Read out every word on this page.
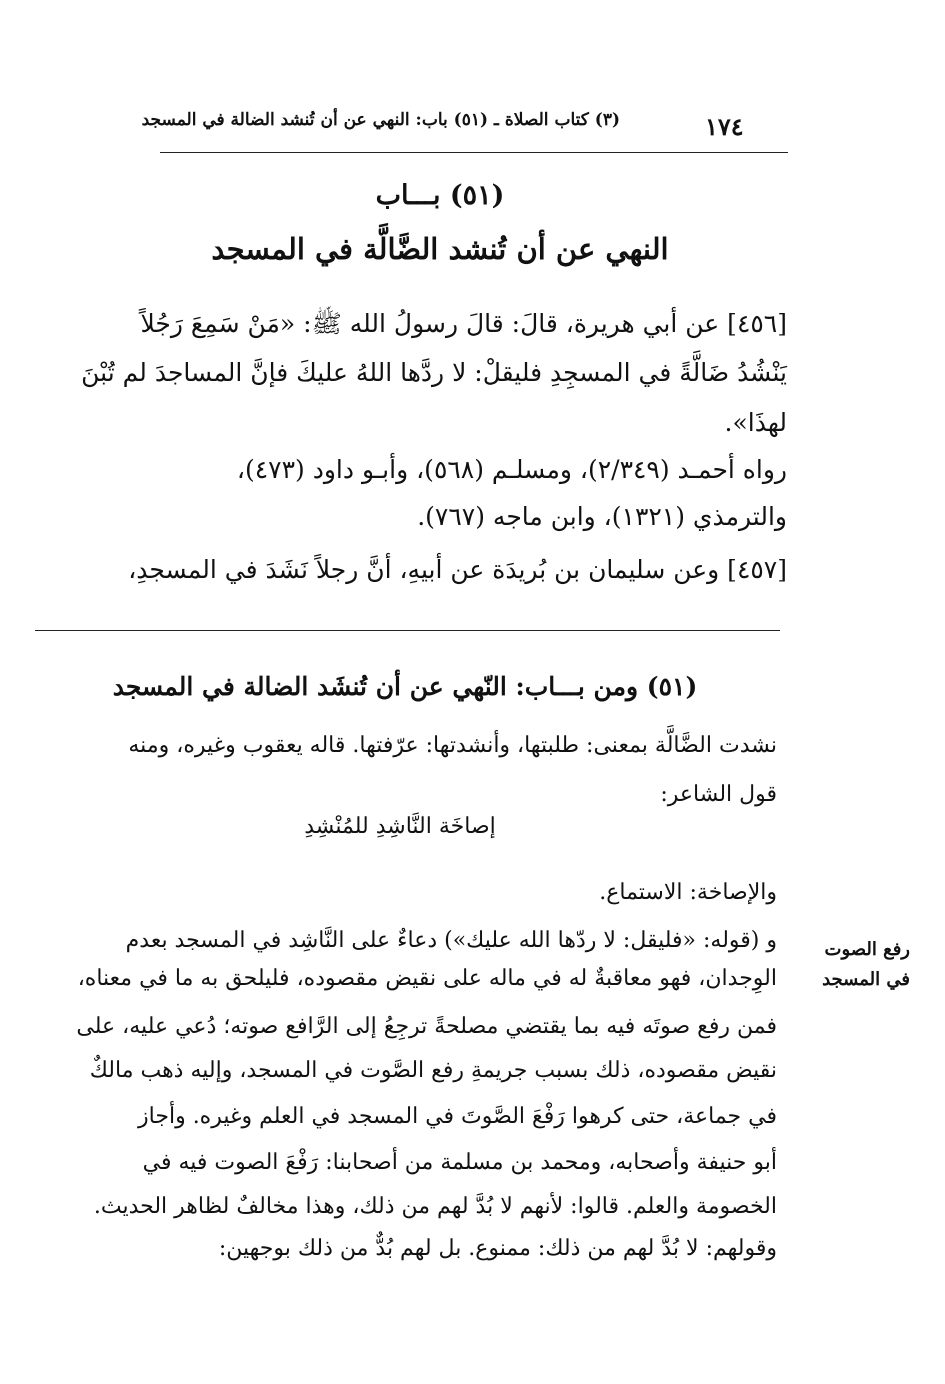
١٧٤
(٣) كتاب الصلاة ـ (٥١) باب: النهي عن أن تُنشد الضالة في المسجد
(٥١) بـــاب
النهي عن أن تُنشد الضَّالَّة في المسجد
[٤٥٦] عن أبي هريرة، قالَ: قالَ رسولُ الله ﷺ: «مَنْ سَمِعَ رَجُلاً
يَنْشُدُ ضَالَّةً في المسجِدِ فليقلْ: لا ردَّها اللهُ عليكَ فإنَّ المساجدَ لم تُبْنَ
لهذَا».
رواه أحمـد (٢/٣٤٩)، ومسلـم (٥٦٨)، وأبـو داود (٤٧٣)،
والترمذي (١٣٢١)، وابن ماجه (٧٦٧).
[٤٥٧] وعن سليمان بن بُريدَة عن أبيهِ، أنَّ رجلاً نَشَدَ في المسجدِ،
(٥١) ومن بـــاب: النّهي عن أن تُنشَد الضالة في المسجد
نشدت الضَّالَّة بمعنى: طلبتها، وأنشدتها: عرّفتها. قاله يعقوب وغيره، ومنه
قول الشاعر:
إصاخَة النَّاشِدِ للمُنْشِدِ
والإصاخة: الاستماع.
رفع الصوت في المسجد
و (قوله: «فليقل: لا ردّها الله عليك») دعاءٌ على النَّاشِد في المسجد بعدم
الوِجدان، فهو معاقبةٌ له في ماله على نقيض مقصوده، فليلحق به ما في معناه،
فمن رفع صوتَه فيه بما يقتضي مصلحةً ترجِعُ إلى الرَّافع صوته؛ دُعي عليه، على
نقيض مقصوده، ذلك بسبب جريمةِ رفع الصَّوت في المسجد، وإليه ذهب مالكٌ
في جماعة، حتى كرهوا رَفْعَ الصَّوتَ في المسجد في العلم وغيره. وأجاز
أبو حنيفة وأصحابه، ومحمد بن مسلمة من أصحابنا: رَفْعَ الصوت فيه في
الخصومة والعلم. قالوا: لأنهم لا بُدَّ لهم من ذلك، وهذا مخالفٌ لظاهر الحديث.
وقولهم: لا بُدَّ لهم من ذلك: ممنوع. بل لهم بُدٌّ من ذلك بوجهين:
